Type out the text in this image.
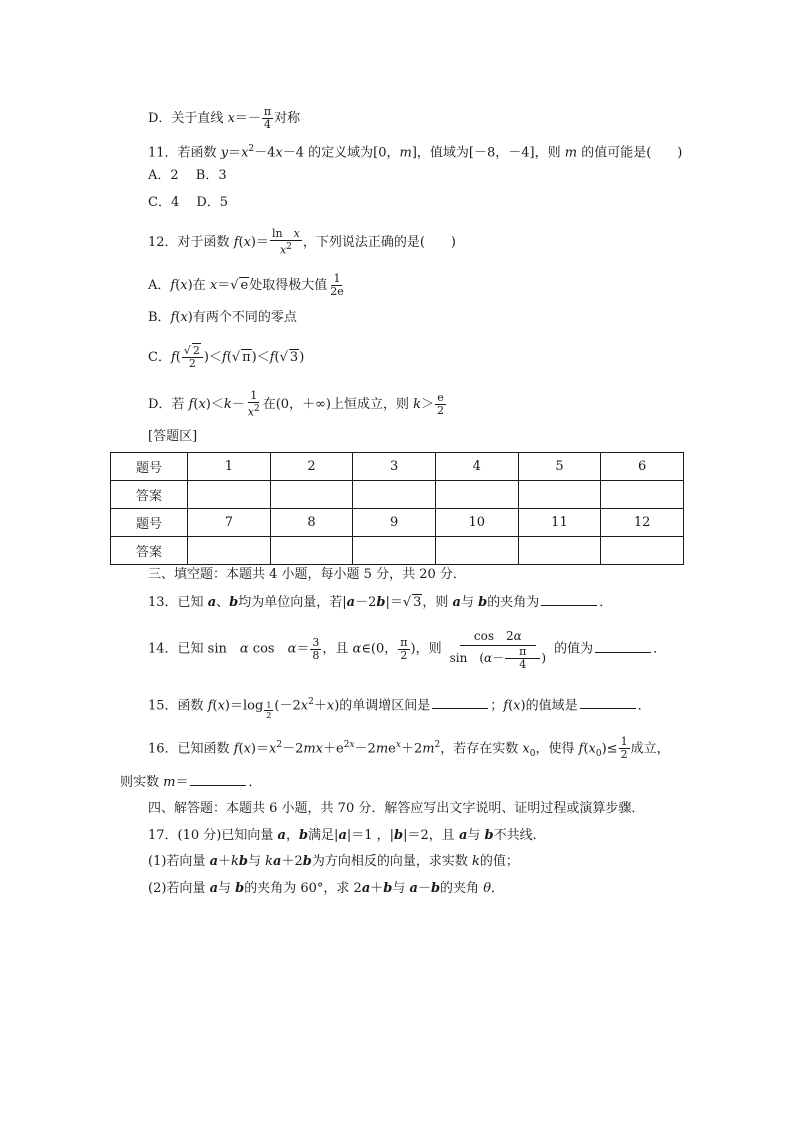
D．关于直线 $x=- \frac{\pi}{4}$ 对称
11．若函数 $y=x^2-4x-4$ 的定义域为[0，m]，值域为[－8，－4]，则 m 的值可能是(　　)
A．2　 B．3
C．4　 D．5
12．对于函数 $f(x)= \frac{\text{ln　x}}{x^2}$ ，下列说法正确的是(　　)
A．f(x)在 x＝√ e处取得极大值 $\frac{1}{2e}$
B．f(x)有两个不同的零点
C．$f( \frac{√ 2}{2} )<f(√$ π)＜f(√ 3)
D．若 $f(x)<k- \frac{1}{x^2}$ 在(0，＋∞)上恒成立，则 $k> \frac{e}{2}$
[答题区]
题号	1	2	3	4	5	6
答案						
题号	7	8	9	10	11	12
答案						
三、填空题：本题共 4 小题，每小题 5 分，共 20 分．
13．已知 a、b均为单位向量，若|a－2b|＝√ 3，则 a与 b的夹角为	．
14．已知 sin　α cos　$\alpha= \frac{3}{8}$ ，且 α∈(0， $\frac{\pi}{2}$ )，则 $\frac{\cos 2\alpha}{\sin (\alpha- \frac{\pi}{4} )}$ 的值为	．
15．函数 f(x)＝log $_{\frac{1}{2}}$ $(-2x^2+x)$的单调增区间是	；f(x)的值域是	．
16．已知函数 $f(x)=x^2-2mx+e^{2x}-2me^x+2m^2$，若存在实数 $x_0$，使得 $f(x_0)\le \frac{1}{2}$ 成立，
则实数 m＝	．
四、解答题：本题共 6 小题，共 70 分．解答应写出文字说明、证明过程或演算步骤．
17．(10 分)已知向量 a，b满足|a|＝1 ，|b|＝2，且 a与 b不共线．
(1)若向量 a＋kb与 ka＋2b为方向相反的向量，求实数 k的值；
(2)若向量 a与 b的夹角为 60°，求 2a＋b与 a－b的夹角 θ．
